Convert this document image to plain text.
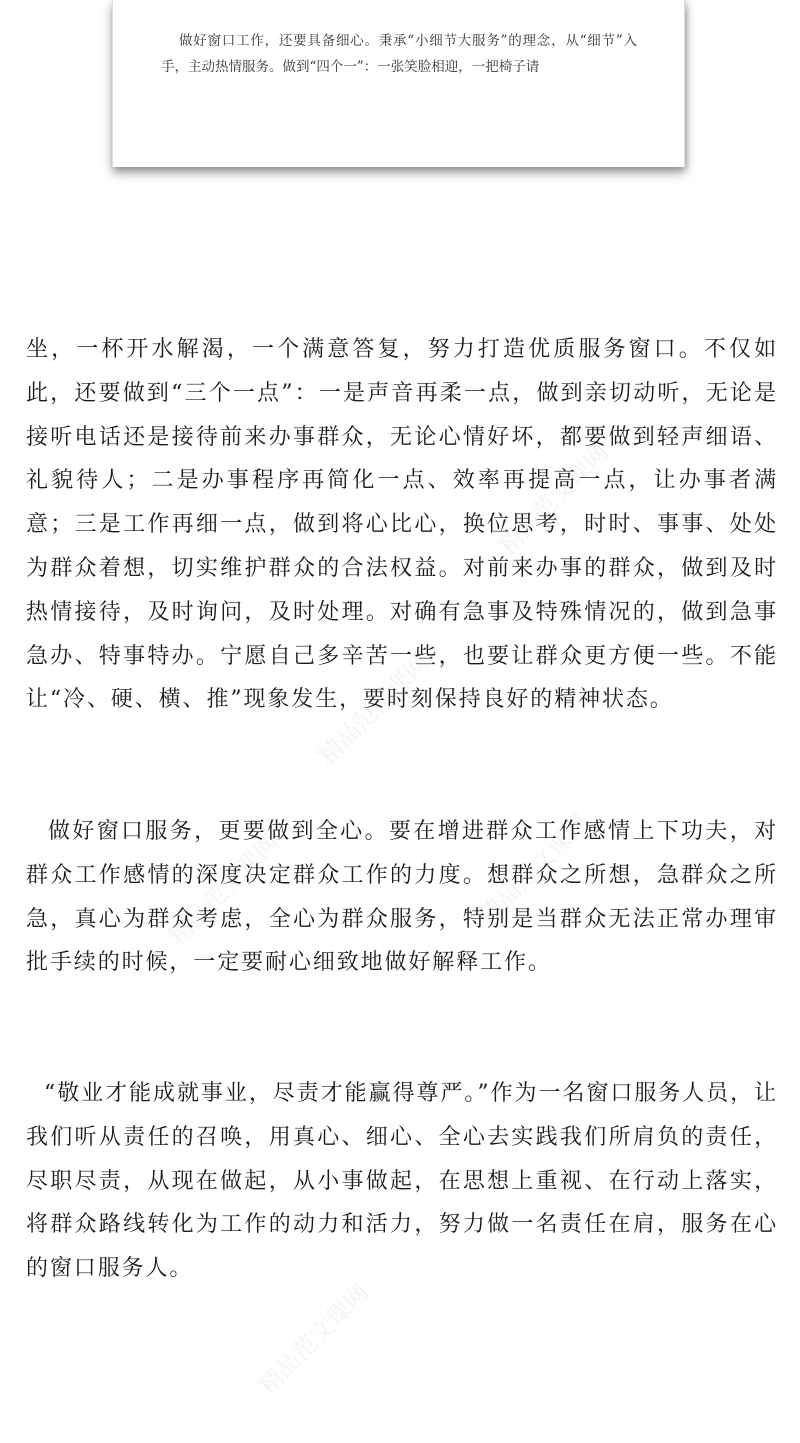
做好窗口工作，还要具备细心。秉承“小细节大服务”的理念，从“细节”入手，主动热情服务。做到“四个一”：一张笑脸相迎，一把椅子请
精品范文课网
精品范文课网
精品范文课网	精品范文课网
精品范文课网
坐，一杯开水解渴，一个满意答复，努力打造优质服务窗口。不仅如此，还要做到“三个一点”：一是声音再柔一点，做到亲切动听，无论是接听电话还是接待前来办事群众，无论心情好坏，都要做到轻声细语、礼貌待人；二是办事程序再简化一点、效率再提高一点，让办事者满意；三是工作再细一点，做到将心比心，换位思考，时时、事事、处处为群众着想，切实维护群众的合法权益。对前来办事的群众，做到及时热情接待，及时询问，及时处理。对确有急事及特殊情况的，做到急事急办、特事特办。宁愿自己多辛苦一些，也要让群众更方便一些。不能让“冷、硬、横、推”现象发生，要时刻保持良好的精神状态。
做好窗口服务，更要做到全心。要在增进群众工作感情上下功夫，对群众工作感情的深度决定群众工作的力度。想群众之所想，急群众之所急，真心为群众考虑，全心为群众服务，特别是当群众无法正常办理审批手续的时候，一定要耐心细致地做好解释工作。
“敬业才能成就事业，尽责才能赢得尊严。”作为一名窗口服务人员，让我们听从责任的召唤，用真心、细心、全心去实践我们所肩负的责任，尽职尽责，从现在做起，从小事做起，在思想上重视、在行动上落实，将群众路线转化为工作的动力和活力，努力做一名责任在肩，服务在心的窗口服务人。
